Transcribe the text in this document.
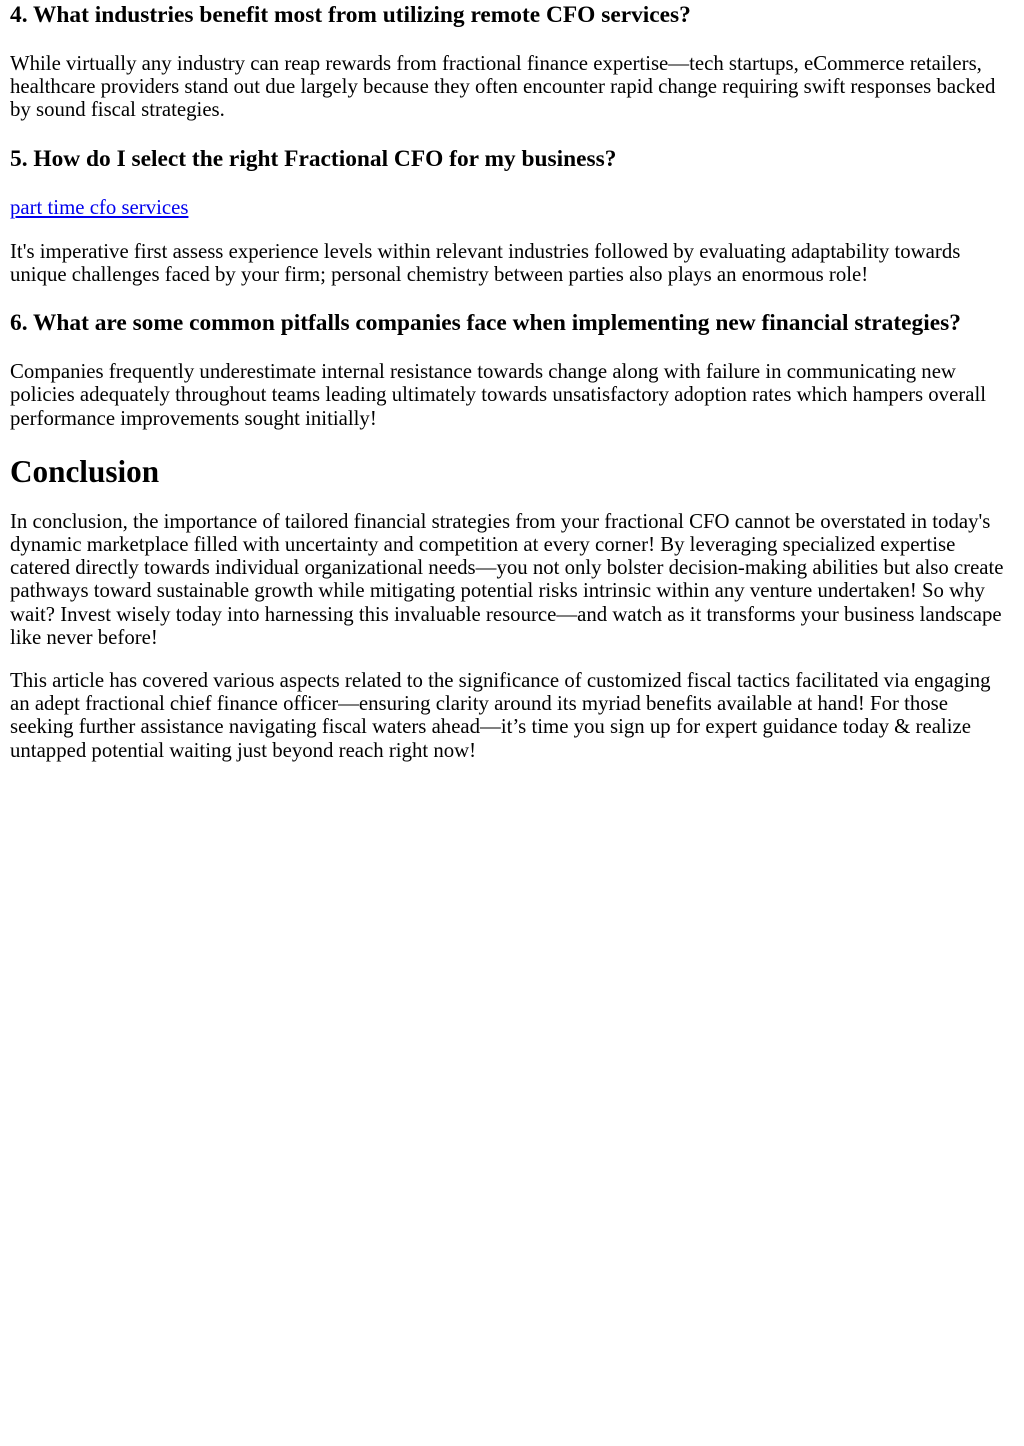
4. What industries benefit most from utilizing remote CFO services?

While virtually any industry can reap rewards from fractional finance expertise—tech startups, eCommerce retailers, healthcare providers stand out due largely because they often encounter rapid change requiring swift responses backed by sound fiscal strategies.

5. How do I select the right Fractional CFO for my business?

part time cfo services

It's imperative first assess experience levels within relevant industries followed by evaluating adaptability towards unique challenges faced by your firm; personal chemistry between parties also plays an enormous role!

6. What are some common pitfalls companies face when implementing new financial strategies?

Companies frequently underestimate internal resistance towards change along with failure in communicating new policies adequately throughout teams leading ultimately towards unsatisfactory adoption rates which hampers overall performance improvements sought initially!

Conclusion

In conclusion, the importance of tailored financial strategies from your fractional CFO cannot be overstated in today's dynamic marketplace filled with uncertainty and competition at every corner! By leveraging specialized expertise catered directly towards individual organizational needs—you not only bolster decision-making abilities but also create pathways toward sustainable growth while mitigating potential risks intrinsic within any venture undertaken! So why wait? Invest wisely today into harnessing this invaluable resource—and watch as it transforms your business landscape like never before!

This article has covered various aspects related to the significance of customized fiscal tactics facilitated via engaging an adept fractional chief finance officer—ensuring clarity around its myriad benefits available at hand! For those seeking further assistance navigating fiscal waters ahead—it’s time you sign up for expert guidance today & realize untapped potential waiting just beyond reach right now!
